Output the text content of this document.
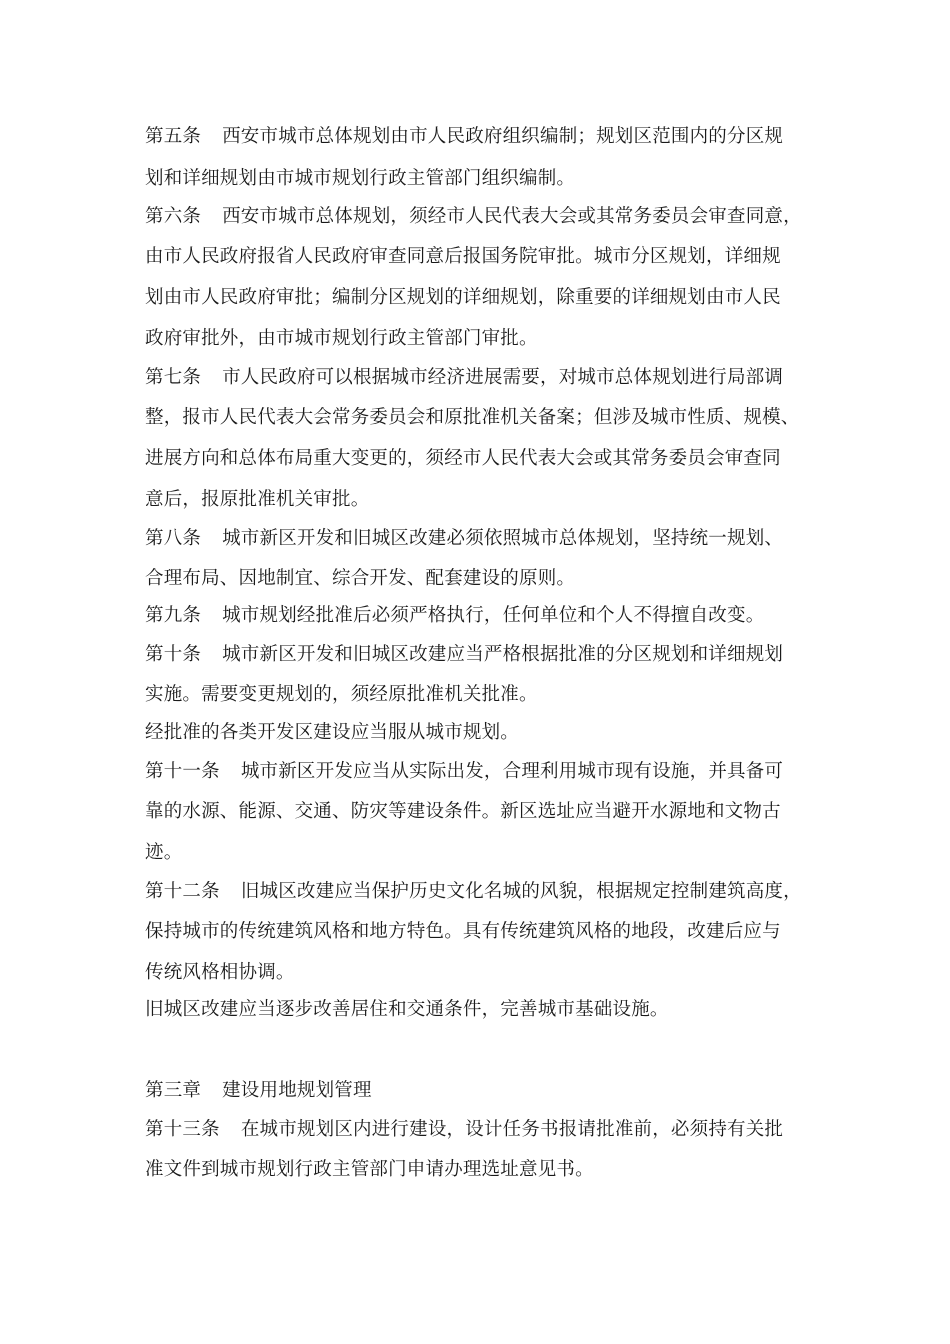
第五条 西安市城市总体规划由市人民政府组织编制；规划区范围内的分区规
划和详细规划由市城市规划行政主管部门组织编制。
第六条 西安市城市总体规划，须经市人民代表大会或其常务委员会审查同意，
由市人民政府报省人民政府审查同意后报国务院审批。城市分区规划，详细规
划由市人民政府审批；编制分区规划的详细规划，除重要的详细规划由市人民
政府审批外，由市城市规划行政主管部门审批。
第七条 市人民政府可以根据城市经济进展需要，对城市总体规划进行局部调
整，报市人民代表大会常务委员会和原批准机关备案；但涉及城市性质、规模、
进展方向和总体布局重大变更的，须经市人民代表大会或其常务委员会审查同
意后，报原批准机关审批。
第八条 城市新区开发和旧城区改建必须依照城市总体规划，坚持统一规划、
合理布局、因地制宜、综合开发、配套建设的原则。
第九条 城市规划经批准后必须严格执行，任何单位和个人不得擅自改变。
第十条 城市新区开发和旧城区改建应当严格根据批准的分区规划和详细规划
实施。需要变更规划的，须经原批准机关批准。
经批准的各类开发区建设应当服从城市规划。
第十一条 城市新区开发应当从实际出发，合理利用城市现有设施，并具备可
靠的水源、能源、交通、防灾等建设条件。新区选址应当避开水源地和文物古
迹。
第十二条 旧城区改建应当保护历史文化名城的风貌，根据规定控制建筑高度，
保持城市的传统建筑风格和地方特色。具有传统建筑风格的地段，改建后应与
传统风格相协调。
旧城区改建应当逐步改善居住和交通条件，完善城市基础设施。
第三章 建设用地规划管理
第十三条 在城市规划区内进行建设，设计任务书报请批准前，必须持有关批
准文件到城市规划行政主管部门申请办理选址意见书。
